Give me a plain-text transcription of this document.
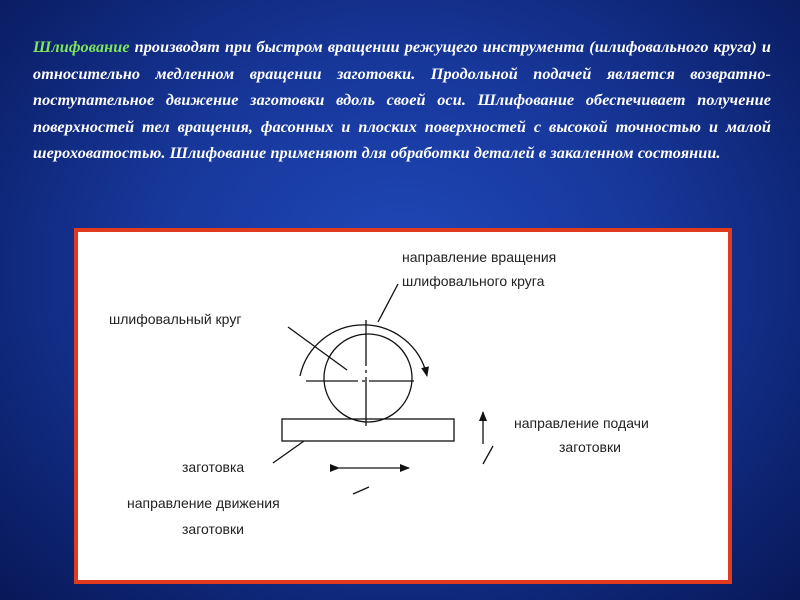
Шлифование производят при быстром вращении режущего инструмента (шлифовального круга) и относительно медленном вращении заготовки. Продольной подачей является возвратно-поступательное движение заготовки вдоль своей оси. Шлифование обеспечивает получение поверхностей тел вращения, фасонных и плоских поверхностей с высокой точностью и малой шероховатостью. Шлифование применяют для обработки деталей в закаленном состоянии.
направление вращения
шлифовального круга
шлифовальный круг
направление подачи
заготовки
заготовка
направление движения
заготовки
